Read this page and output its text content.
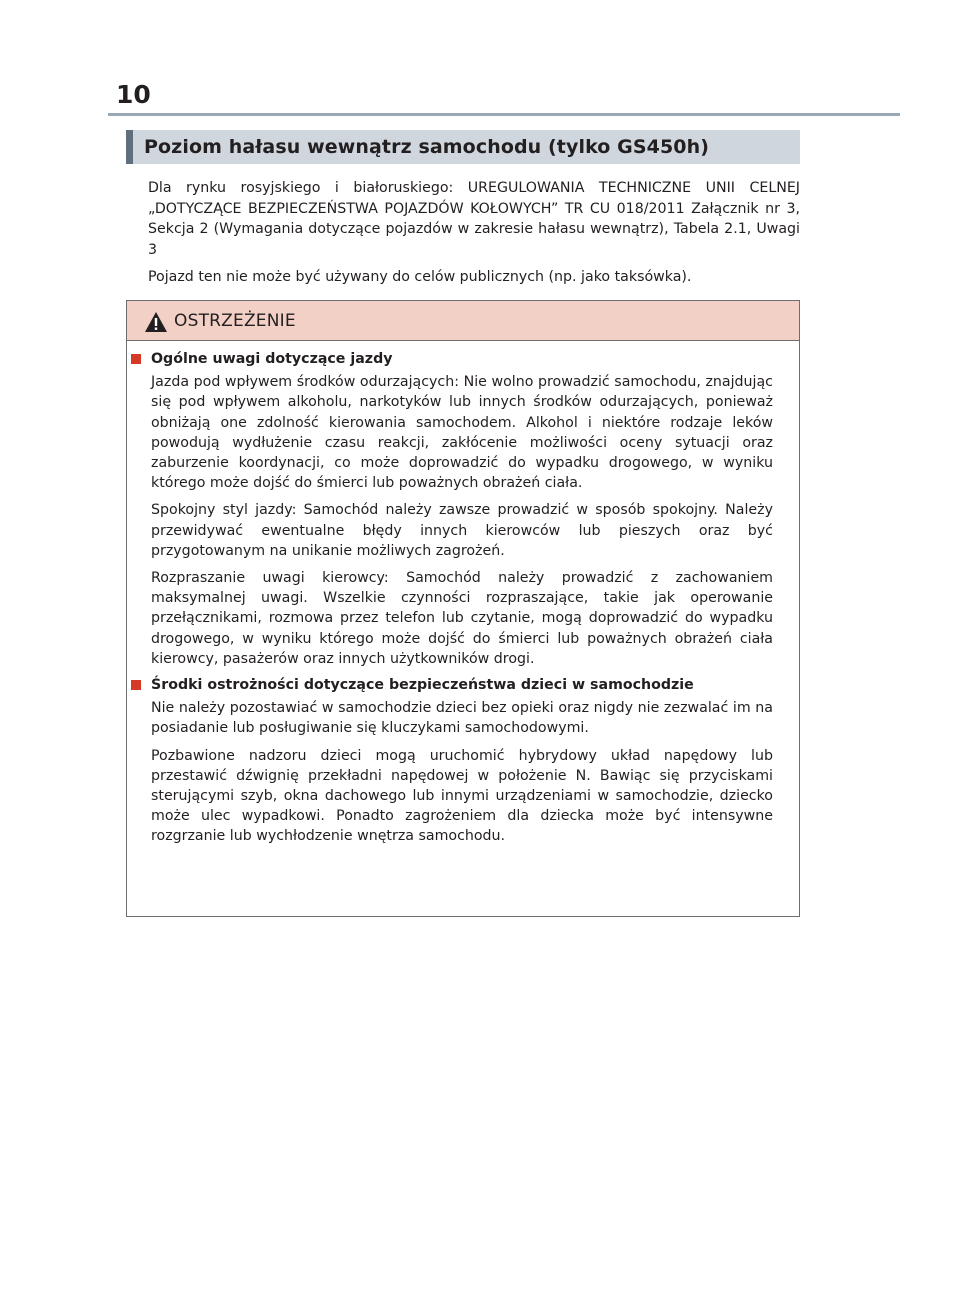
10
Poziom hałasu wewnątrz samochodu (tylko GS450h)

Dla rynku rosyjskiego i białoruskiego: UREGULOWANIA TECHNICZNE UNII CELNEJ „DOTYCZĄCE BEZPIECZEŃSTWA POJAZDÓW KOŁOWYCH” TR CU 018/2011 Załącznik nr 3, Sekcja 2 (Wymagania dotyczące pojazdów w zakresie hałasu wewnątrz), Tabela 2.1, Uwagi 3

Pojazd ten nie może być używany do celów publicznych (np. jako taksówka).

OSTRZEŻENIE

Ogólne uwagi dotyczące jazdy

Jazda pod wpływem środków odurzających: Nie wolno prowadzić samochodu, znajdując się pod wpływem alkoholu, narkotyków lub innych środków odurzających, ponieważ obniżają one zdolność kierowania samochodem. Alkohol i niektóre rodzaje leków powodują wydłużenie czasu reakcji, zakłócenie możliwości oceny sytuacji oraz zaburzenie koordynacji, co może doprowadzić do wypadku drogowego, w wyniku którego może dojść do śmierci lub poważnych obrażeń ciała.

Spokojny styl jazdy: Samochód należy zawsze prowadzić w sposób spokojny. Należy przewidywać ewentualne błędy innych kierowców lub pieszych oraz być przygotowanym na unikanie możliwych zagrożeń.

Rozpraszanie uwagi kierowcy: Samochód należy prowadzić z zachowaniem maksymalnej uwagi. Wszelkie czynności rozpraszające, takie jak operowanie przełącznikami, rozmowa przez telefon lub czytanie, mogą doprowadzić do wypadku drogowego, w wyniku którego może dojść do śmierci lub poważnych obrażeń ciała kierowcy, pasażerów oraz innych użytkowników drogi.

Środki ostrożności dotyczące bezpieczeństwa dzieci w samochodzie

Nie należy pozostawiać w samochodzie dzieci bez opieki oraz nigdy nie zezwalać im na posiadanie lub posługiwanie się kluczykami samochodowymi.

Pozbawione nadzoru dzieci mogą uruchomić hybrydowy układ napędowy lub przestawić dźwignię przekładni napędowej w położenie N. Bawiąc się przyciskami sterującymi szyb, okna dachowego lub innymi urządzeniami w samochodzie, dziecko może ulec wypadkowi. Ponadto zagrożeniem dla dziecka może być intensywne rozgrzanie lub wychłodzenie wnętrza samochodu.
